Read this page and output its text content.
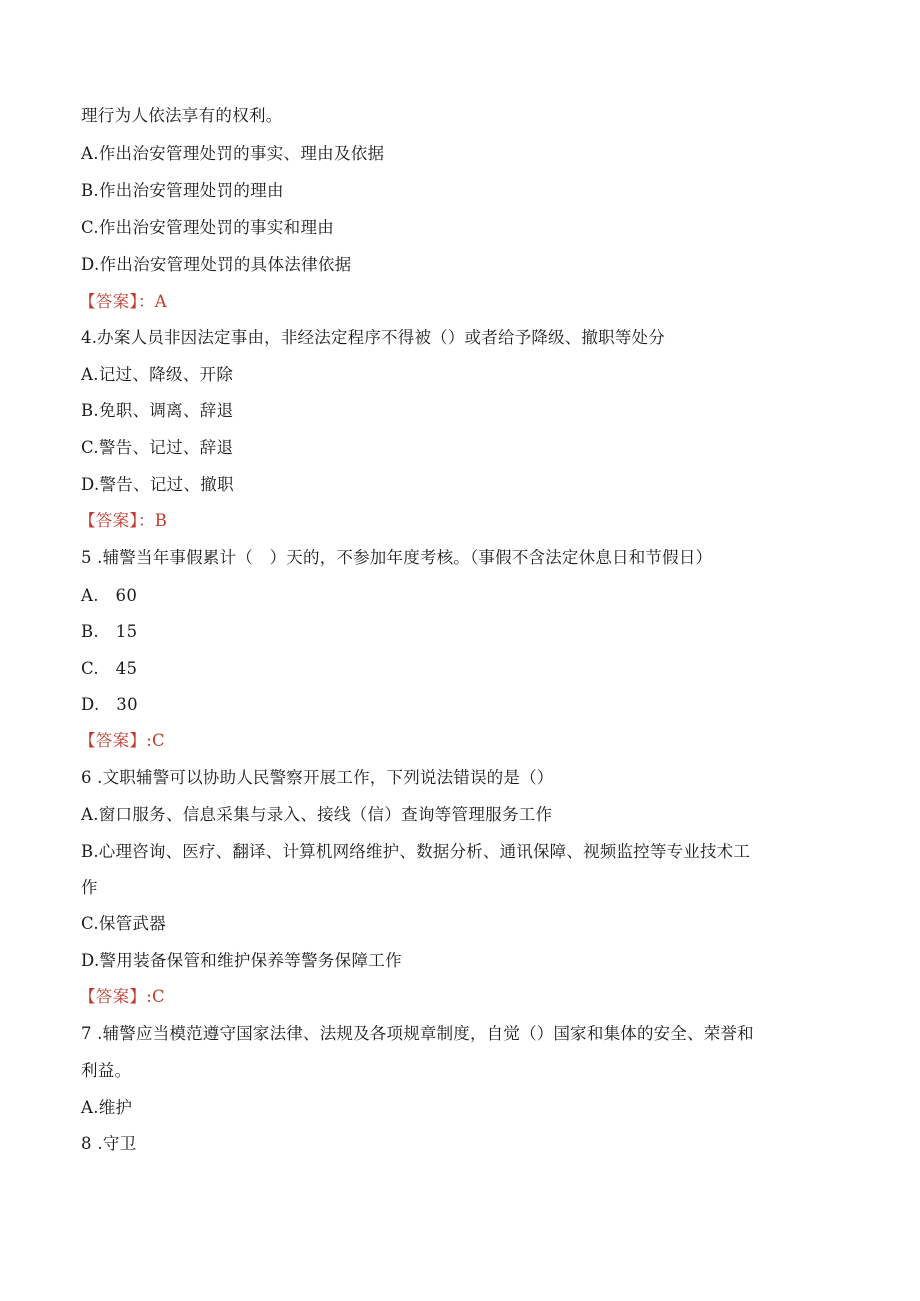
理行为人依法享有的权利。
A.作出治安管理处罚的事实、理由及依据
B.作出治安管理处罚的理由
C.作出治安管理处罚的事实和理由
D.作出治安管理处罚的具体法律依据
【答案】：A
4.办案人员非因法定事由，非经法定程序不得被（）或者给予降级、撤职等处分
A.记过、降级、开除
B.免职、调离、辞退
C.警告、记过、辞退
D.警告、记过、撤职
【答案】：B
5 .辅警当年事假累计（　）天的，不参加年度考核。（事假不含法定休息日和节假日）
A.　60
B.　15
C.　45
D.　30
【答案】:C
6 .文职辅警可以协助人民警察开展工作，下列说法错误的是（）
A.窗口服务、信息采集与录入、接线（信）查询等管理服务工作
B.心理咨询、医疗、翻译、计算机网络维护、数据分析、通讯保障、视频监控等专业技术工
作
C.保管武器
D.警用装备保管和维护保养等警务保障工作
【答案】:C
7 .辅警应当模范遵守国家法律、法规及各项规章制度，自觉（）国家和集体的安全、荣誉和
利益。
A.维护
8 .守卫
